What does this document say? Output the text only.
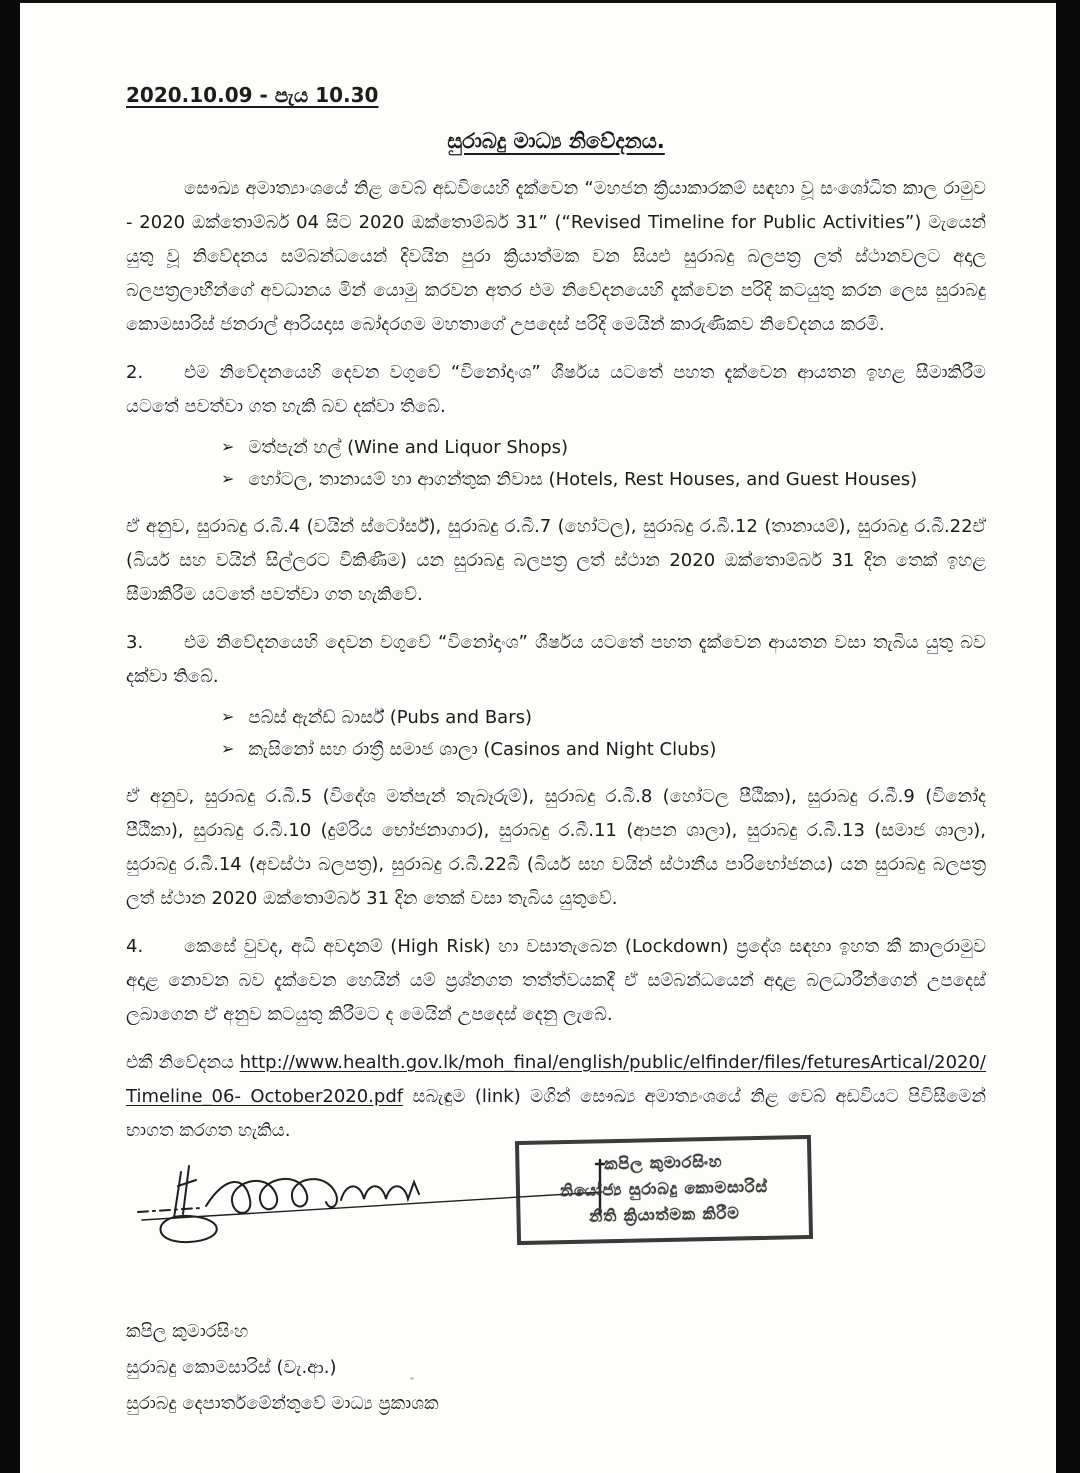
2020.10.09 - පැය 10.30
සුරාබදු මාධ්‍ය නිවේදනය.

සෞඛ්‍ය අමාත්‍යාංශයේ නිළ වෙබ් අඩවියෙහි දැක්වෙන “මහජන ක්‍රියාකාරකම් සඳහා වූ සංශෝධිත කාල රාමුව - 2020 ඔක්තොම්බර් 04 සිට 2020 ඔක්තොම්බර් 31” (“Revised Timeline for Public Activities”) මැයෙන් යුතු වූ නිවේදනය සම්බන්ධයෙන් දිවයින පුරා ක්‍රියාත්මක වන සියළු සුරාබදු බලපත්‍ර ලත් ස්ථානවලට අදාල බලපත්‍රලාභීන්ගේ අවධානය මින් යොමු කරවන අතර එම නිවේදනයෙහි දැක්වෙන පරිදි කටයුතු කරන ලෙස සුරාබදු කොමසාරිස් ජනරාල් ආරියදාස බෝදරගම මහතාගේ උපදෙස් පරිදි මෙයින් කාරුණිකව නිවේදනය කරමි.

2. එම නිවේදනයෙහි දෙවන වගුවේ “විනෝදාංශ” ශීර්ෂය යටතේ පහත දැක්වෙන ආයතන ඉහළ සීමාකිරීම යටතේ පවත්වා ගත හැකි බව දක්වා තිබේ.

➢ මත්පැන් හල් (Wine and Liquor Shops)
➢ හෝටල, තානායම් හා ආගන්තුක නිවාස (Hotels, Rest Houses, and Guest Houses)

ඒ අනුව, සුරාබදු ර.බී.4 (වයින් ස්ටෝර්ස්), සුරාබදු ර.බී.7 (හෝටල), සුරාබදු ර.බී.12 (තානායම්), සුරාබදු ර.බී.22ඒ (බියර් සහ වයින් සිල්ලරට විකිණීම) යන සුරාබදු බලපත්‍ර ලත් ස්ථාන 2020 ඔක්තොම්බර් 31 දින තෙක් ඉහළ සීමාකිරීම යටතේ පවත්වා ගත හැකිවේ.

3. එම නිවේදනයෙහි දෙවන වගුවේ “විනෝදාංශ” ශීර්ෂය යටතේ පහත දැක්වෙන ආයතන වසා තැබිය යුතු බව දක්වා තිබේ.

➢ පබ්ස් ඇන්ඩ් බාර්ස් (Pubs and Bars)
➢ කැසිනෝ සහ රාත්‍රී සමාජ ශාලා (Casinos and Night Clubs)

ඒ අනුව, සුරාබදු ර.බී.5 (විදේශ මත්පැන් තැබෑරුම්), සුරාබදු ර.බී.8 (හෝටල පීඨිකා), සුරාබදු ර.බී.9 (විනෝද පීඨිකා), සුරාබදු ර.බී.10 (දුම්රිය භෝජනාගාර), සුරාබදු ර.බී.11 (ආපන ශාලා), සුරාබදු ර.බී.13 (සමාජ ශාලා), සුරාබදු ර.බී.14 (අවස්ථා බලපත්‍ර), සුරාබදු ර.බී.22බී (බියර් සහ වයින් ස්ථානීය පාරිභෝජනය) යන සුරාබදු බලපත්‍ර ලත් ස්ථාන 2020 ඔක්තොම්බර් 31 දින තෙක් වසා තැබිය යුතුවේ.

4. කෙසේ වුවද, අධි අවදානම් (High Risk) හා වසාතැබෙන (Lockdown) ප්‍රදේශ සඳහා ඉහත කී කාලරාමුව අදාළ නොවන බව දැක්වෙන හෙයින් යම් ප්‍රශ්නගත තත්ත්වයකදී ඒ සම්බන්ධයෙන් අදාළ බලධාරීන්ගෙන් උපදෙස් ලබාගෙන ඒ අනුව කටයුතු කිරීමට ද මෙයින් උපදෙස් දෙනු ලැබේ.

එකී නිවේදනය http://www.health.gov.lk/moh_final/english/public/elfinder/files/feturesArtical/2020/Timeline_06- October2020.pdf සබැඳුම (link) මගින් සෞඛ්‍ය අමාත්‍යංශයේ නිළ වෙබ් අඩවියට පිවිසීමෙන් භාගත කරගත හැකිය.

කපිල කුමාරසිංහ
නියෝජ්‍ය සුරාබදු කොමසාරිස්
නීති ක්‍රියාත්මක කිරීම
කපිල කුමාරසිංහ
සුරාබදු කොමසාරිස් (වැ.ආ.)
සුරාබදු දෙපාර්තමේන්තුවේ මාධ්‍ය ප්‍රකාශක
